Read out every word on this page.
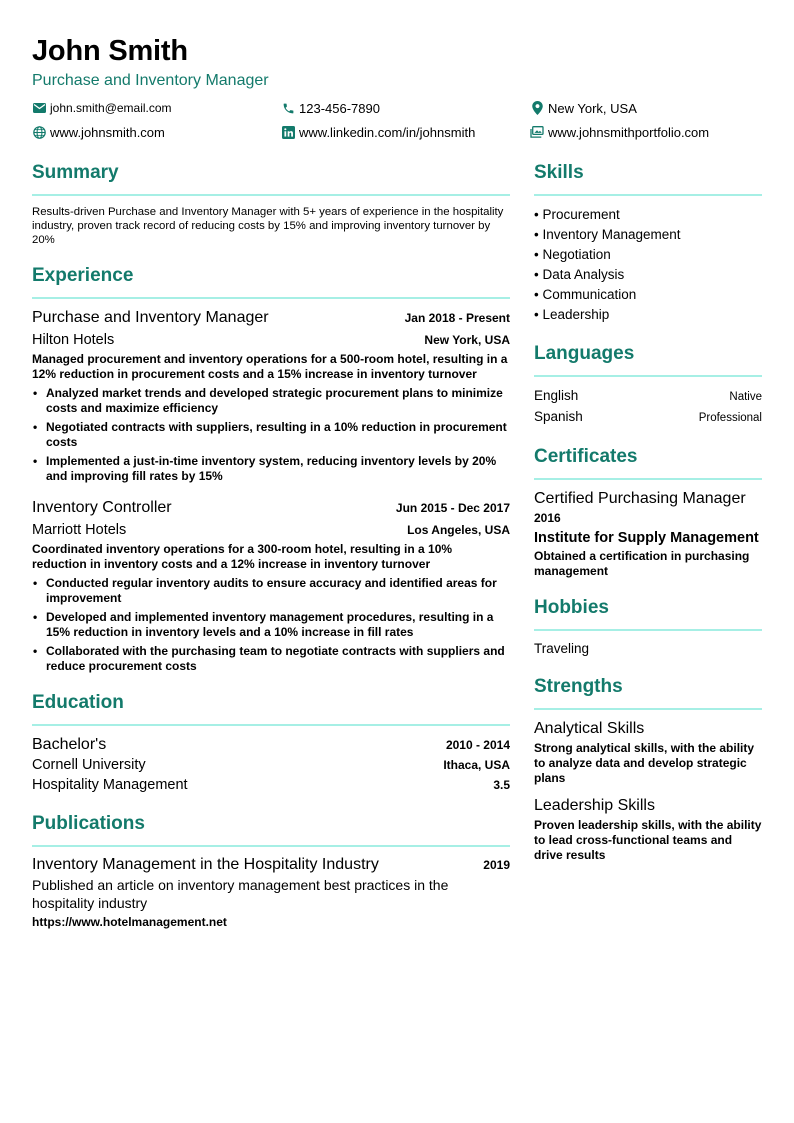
John Smith
Purchase and Inventory Manager
john.smith@email.com	123-456-7890	New York, USA
www.johnsmith.com	www.linkedin.com/in/johnsmith	www.johnsmithportfolio.com
Summary
Results-driven Purchase and Inventory Manager with 5+ years of experience in the hospitality industry, proven track record of reducing costs by 15% and improving inventory turnover by 20%
Experience
Purchase and Inventory Manager	Jan 2018 - Present
Hilton Hotels	New York, USA
Managed procurement and inventory operations for a 500-room hotel, resulting in a 12% reduction in procurement costs and a 15% increase in inventory turnover
• Analyzed market trends and developed strategic procurement plans to minimize costs and maximize efficiency
• Negotiated contracts with suppliers, resulting in a 10% reduction in procurement costs
• Implemented a just-in-time inventory system, reducing inventory levels by 20% and improving fill rates by 15%
Inventory Controller	Jun 2015 - Dec 2017
Marriott Hotels	Los Angeles, USA
Coordinated inventory operations for a 300-room hotel, resulting in a 10% reduction in inventory costs and a 12% increase in inventory turnover
• Conducted regular inventory audits to ensure accuracy and identified areas for improvement
• Developed and implemented inventory management procedures, resulting in a 15% reduction in inventory levels and a 10% increase in fill rates
• Collaborated with the purchasing team to negotiate contracts with suppliers and reduce procurement costs
Education
Bachelor's	2010 - 2014
Cornell University	Ithaca, USA
Hospitality Management	3.5
Publications
Inventory Management in the Hospitality Industry	2019
Published an article on inventory management best practices in the hospitality industry
https://www.hotelmanagement.net
Skills
• Procurement
• Inventory Management
• Negotiation
• Data Analysis
• Communication
• Leadership
Languages
English	Native
Spanish	Professional
Certificates
Certified Purchasing Manager
2016
Institute for Supply Management
Obtained a certification in purchasing management
Hobbies
Traveling
Strengths
Analytical Skills
Strong analytical skills, with the ability to analyze data and develop strategic plans
Leadership Skills
Proven leadership skills, with the ability to lead cross-functional teams and drive results
